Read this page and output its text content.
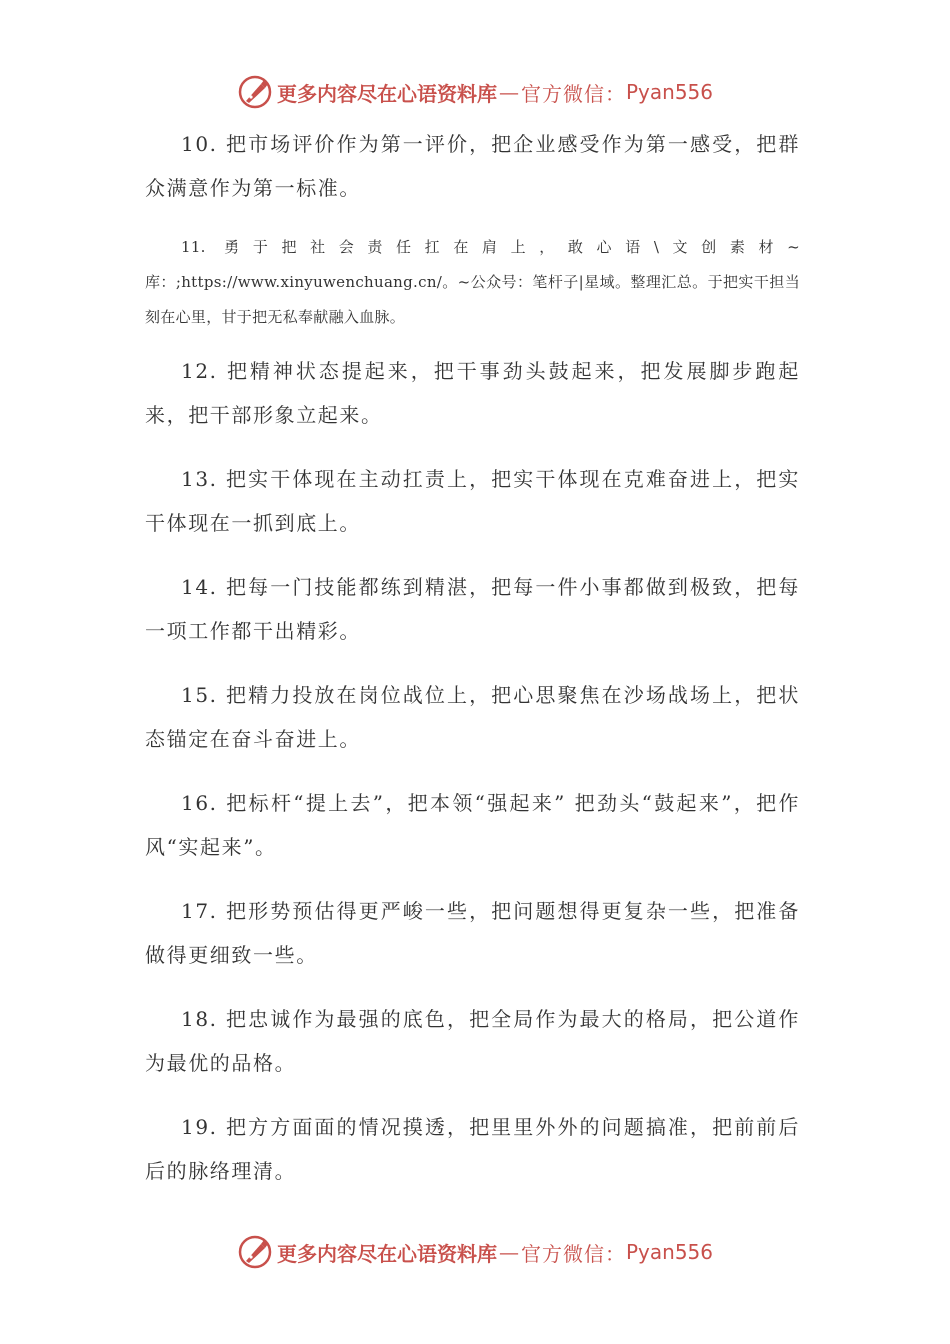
更多内容尽在心语资料库 — 官方微信： Pyan556

10. 把市场评价作为第一评价，把企业感受作为第一感受，把群众满意作为第一标准。

11. 勇于把社会责任扛在肩上，敢心语\文创素材~库：;https://www.xinyuwenchuang.cn/。~公众号：笔杆子|星域。整理汇总。于把实干担当刻在心里，甘于把无私奉献融入血脉。

12. 把精神状态提起来，把干事劲头鼓起来，把发展脚步跑起来，把干部形象立起来。

13. 把实干体现在主动扛责上，把实干体现在克难奋进上，把实干体现在一抓到底上。

14. 把每一门技能都练到精湛，把每一件小事都做到极致，把每一项工作都干出精彩。

15. 把精力投放在岗位战位上，把心思聚焦在沙场战场上，把状态锚定在奋斗奋进上。

16. 把标杆“提上去”，把本领“强起来” 把劲头“鼓起来”，把作风“实起来”。

17. 把形势预估得更严峻一些，把问题想得更复杂一些，把准备做得更细致一些。

18. 把忠诚作为最强的底色，把全局作为最大的格局，把公道作为最优的品格。

19. 把方方面面的情况摸透，把里里外外的问题搞准，把前前后后的脉络理清。

更多内容尽在心语资料库 — 官方微信： Pyan556
